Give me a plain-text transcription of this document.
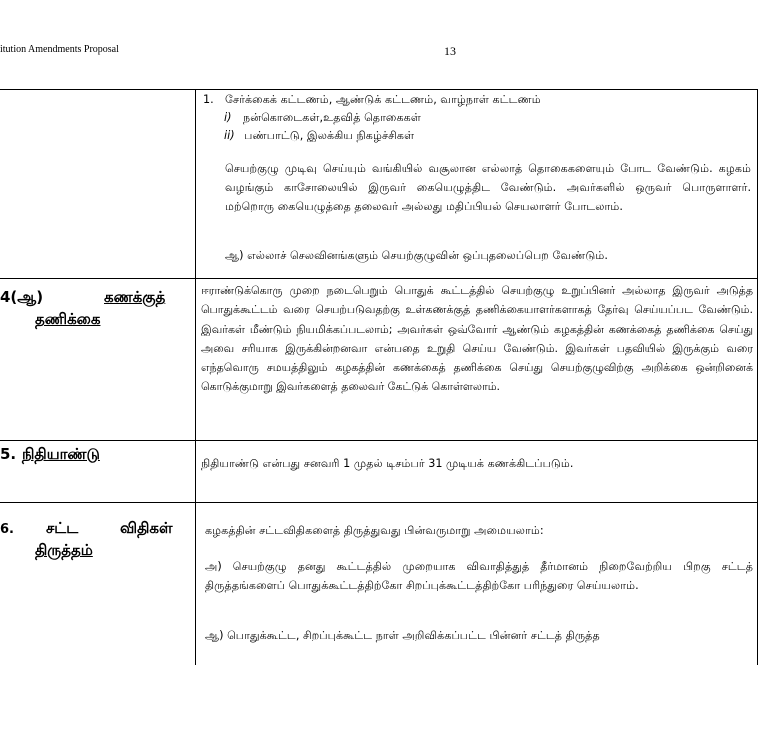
itution Amendments Proposal	13
1. சேர்க்கைக் கட்டணம், ஆண்டுக் கட்டணம், வாழ்நாள் கட்டணம்
i) நன்கொடைகள்,உதவித் தொகைகள்
ii) பண்பாட்டு, இலக்கிய நிகழ்ச்சிகள்
செயற்குழு முடிவு செய்யும் வங்கியில் வசூலான எல்லாத் தொகைகளையும் போட வேண்டும். கழகம் வழங்கும் காசோலையில் இருவர் கையெழுத்திட வேண்டும். அவர்களில் ஒருவர் பொருளாளர். மற்றொரு கையெழுத்தை தலைவர் அல்லது மதிப்பியல் செயலாளர் போடலாம்.
ஆ) எல்லாச் செலவினங்களும் செயற்குழுவின் ஒப்புதலைப்பெற வேண்டும்.
4(ஆ)	கணக்குத்
தணிக்கை
ஈராண்டுக்கொரு முறை நடைபெறும் பொதுக் கூட்டத்தில் செயற்குழு உறுப்பினர் அல்லாத இருவர் அடுத்த பொதுக்கூட்டம் வரை செயற்படுவதற்கு உள்கணக்குத் தணிக்கையாளர்களாகத் தேர்வு செய்யப்பட வேண்டும். இவர்கள் மீண்டும் நியமிக்கப்படலாம்; அவர்கள் ஒவ்வோர் ஆண்டும் கழகத்தின் கணக்கைத் தணிக்கை செய்து அவை சரியாக இருக்கின்றனவா என்பதை உறுதி செய்ய வேண்டும். இவர்கள் பதவியில் இருக்கும் வரை எந்தவொரு சமயத்திலும் கழகத்தின் கணக்கைத் தணிக்கை செய்து செயற்குழுவிற்கு அறிக்கை ஒன்றினைக் கொடுக்குமாறு இவர்களைத் தலைவர் கேட்டுக் கொள்ளலாம்.
5. நிதியாண்டு
நிதியாண்டு என்பது சனவரி 1 முதல் டிசம்பர் 31 முடியக் கணக்கிடப்படும்.
6. சட்ட	விதிகள்
திருத்தம்
கழகத்தின் சட்டவிதிகளைத் திருத்துவது பின்வருமாறு அமையலாம்:
அ) செயற்குழு தனது கூட்டத்தில் முறையாக விவாதித்துத் தீர்மானம் நிறைவேற்றிய பிறகு சட்டத் திருத்தங்களைப் பொதுக்கூட்டத்திற்கோ சிறப்புக்கூட்டத்திற்கோ பரிந்துரை செய்யலாம்.
ஆ) பொதுக்கூட்ட, சிறப்புக்கூட்ட நாள் அறிவிக்கப்பட்ட பின்னர் சட்டத் திருத்த
